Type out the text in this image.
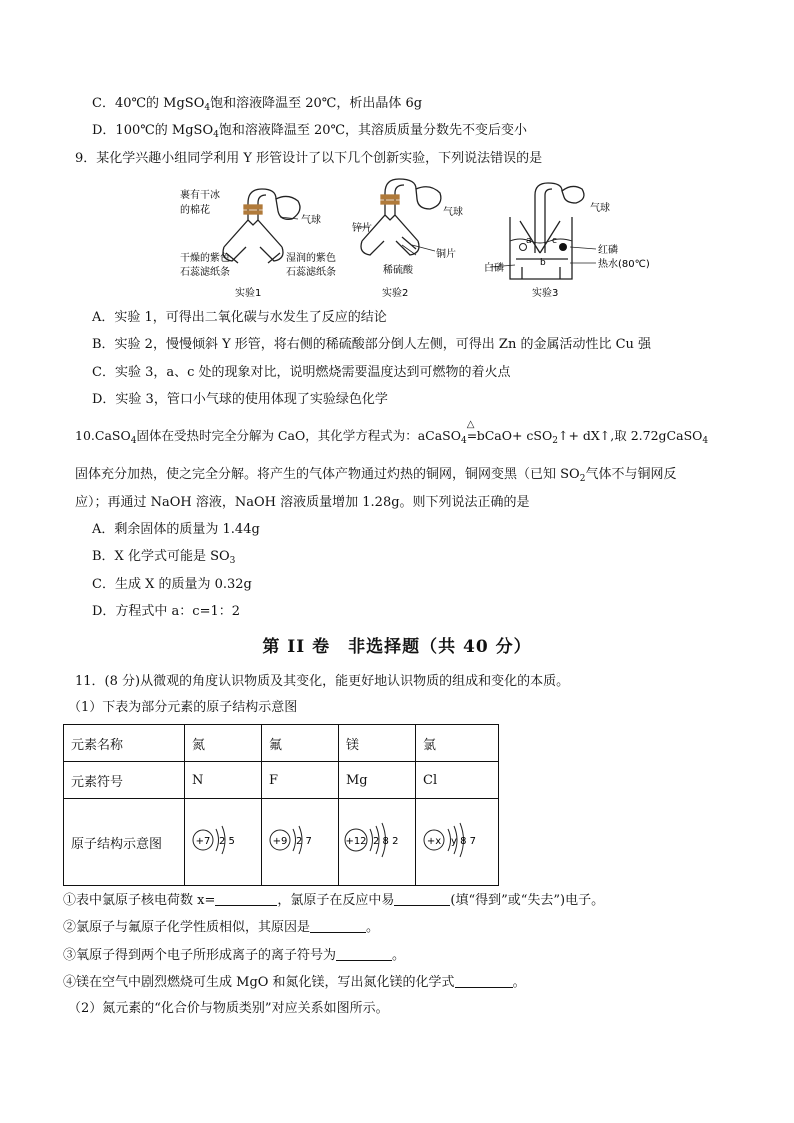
C．40℃的 MgSO$_4$饱和溶液降温至 20℃，析出晶体 6g
D．100℃的 MgSO$_4$饱和溶液降温至 20℃，其溶质质量分数先不变后变小
9．某化学兴趣小组同学利用 Y 形管设计了以下几个创新实验，下列说法错误的是
裹有干冰
的棉花
气球
干燥的紫色
石蕊滤纸条
湿润的紫色
石蕊滤纸条
实验1
锌片
气球
铜片
稀硫酸
实验2
a
b
c
气球
红磷
白磷	热水(80℃)
实验3
A．实验 1，可得出二氧化碳与水发生了反应的结论
B．实验 2，慢慢倾斜 Y 形管，将右侧的稀硫酸部分倒人左侧，可得出 Zn 的金属活动性比 Cu 强
C．实验 3，a、c 处的现象对比，说明燃烧需要温度达到可燃物的着火点
D．实验 3，管口小气球的使用体现了实验绿色化学
10.CaSO$_4$固体在受热时完全分解为 CaO，其化学方程式为：aCaSO$_4$
△
=bCaO+ cSO$_2$↑+ dX↑,取 2.72gCaSO$_4$
固体充分加热，使之完全分解。将产生的气体产物通过灼热的铜网，铜网变黑（已知 $SO_2$气体不与铜网反
应）；再通过 NaOH 溶液，NaOH 溶液质量增加 1.28g。则下列说法正确的是
A．剩余固体的质量为 1.44g
B．X 化学式可能是 $SO_3$
C．生成 X 的质量为 0.32g
D．方程式中 a：c=1：2
第 II 卷　非选择题（共 40 分）
11．(8 分)从微观的角度认识物质及其变化，能更好地认识物质的组成和变化的本质。
（1）下表为部分元素的原子结构示意图
元素名称	氮	氟	镁	氯
元素符号	N	F	Mg	Cl
原子结构示意图	+7 2 5	+9 2 7	+12 2 8 2	+x y 8 7
①表中氯原子核电荷数 x=	，氯原子在反应中易	(填“得到”或“失去”)电子。
②氯原子与氟原子化学性质相似，其原因是	。
③氧原子得到两个电子所形成离子的离子符号为	。
④镁在空气中剧烈燃烧可生成 MgO 和氮化镁，写出氮化镁的化学式	。
（2）氮元素的“化合价与物质类别”对应关系如图所示。
